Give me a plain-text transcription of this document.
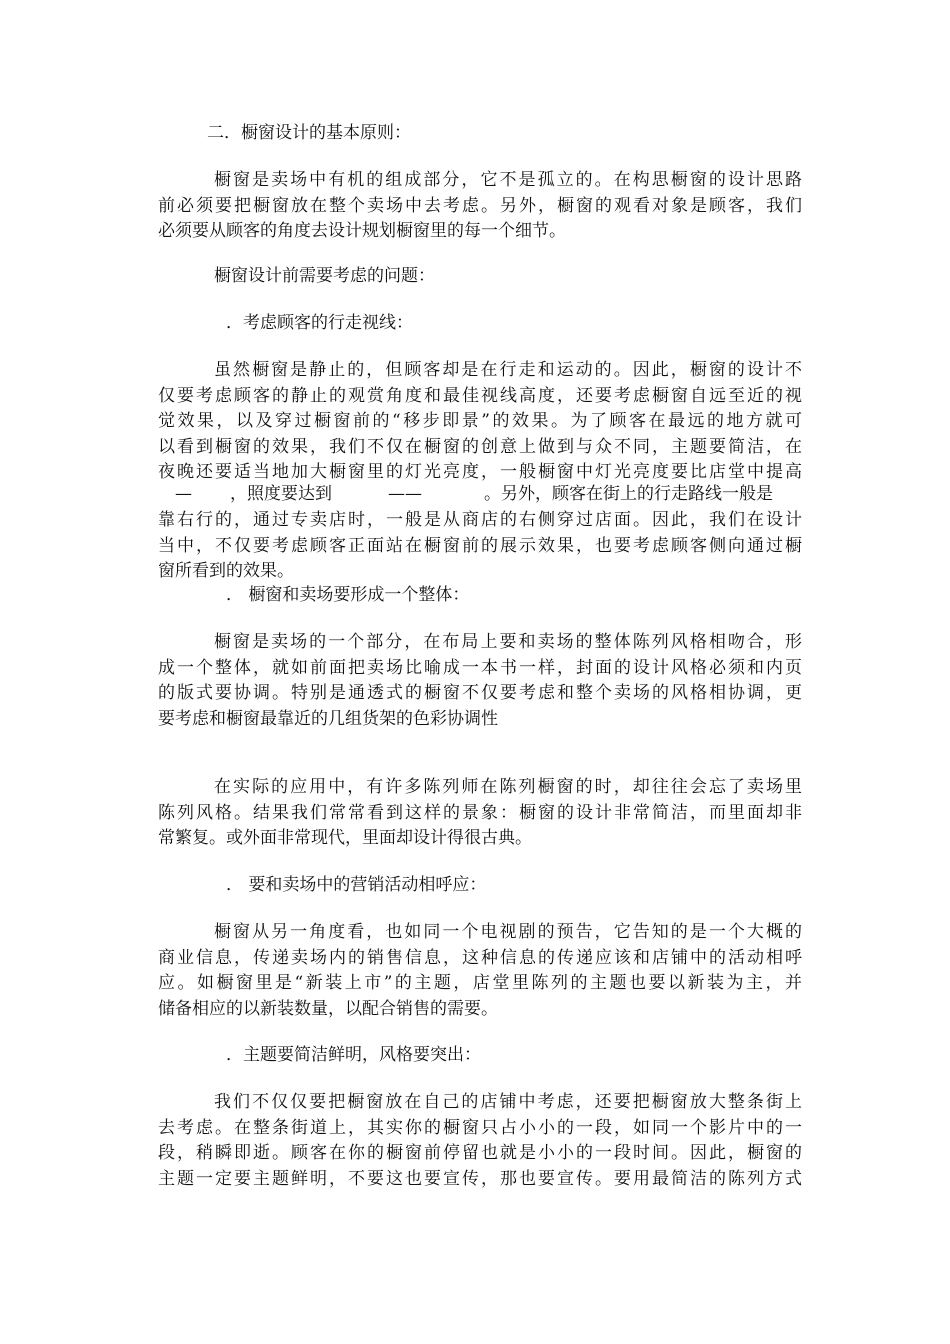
二．橱窗设计的基本原则：
橱窗是卖场中有机的组成部分，它不是孤立的。在构思橱窗的设计思路
前必须要把橱窗放在整个卖场中去考虑。另外，橱窗的观看对象是顾客，我们
必须要从顾客的角度去设计规划橱窗里的每一个细节。
橱窗设计前需要考虑的问题：
．考虑顾客的行走视线：
虽然橱窗是静止的，但顾客却是在行走和运动的。因此，橱窗的设计不
仅要考虑顾客的静止的观赏角度和最佳视线高度，还要考虑橱窗自远至近的视
觉效果，以及穿过橱窗前的“移步即景”的效果。为了顾客在最远的地方就可
以看到橱窗的效果，我们不仅在橱窗的创意上做到与众不同，主题要简洁，在
夜晚还要适当地加大橱窗里的灯光亮度，一般橱窗中灯光亮度要比店堂中提高
— ，照度要达到	——	。另外，顾客在街上的行走路线一般是
靠右行的，通过专卖店时，一般是从商店的右侧穿过店面。因此，我们在设计
当中，不仅要考虑顾客正面站在橱窗前的展示效果，也要考虑顾客侧向通过橱
窗所看到的效果。
． 橱窗和卖场要形成一个整体：
橱窗是卖场的一个部分，在布局上要和卖场的整体陈列风格相吻合，形
成一个整体，就如前面把卖场比喻成一本书一样，封面的设计风格必须和内页
的版式要协调。特别是通透式的橱窗不仅要考虑和整个卖场的风格相协调，更
要考虑和橱窗最靠近的几组货架的色彩协调性
在实际的应用中，有许多陈列师在陈列橱窗的时，却往往会忘了卖场里
陈列风格。结果我们常常看到这样的景象：橱窗的设计非常简洁，而里面却非
常繁复。或外面非常现代，里面却设计得很古典。
． 要和卖场中的营销活动相呼应：
橱窗从另一角度看，也如同一个电视剧的预告，它告知的是一个大概的
商业信息，传递卖场内的销售信息，这种信息的传递应该和店铺中的活动相呼
应。如橱窗里是“新装上市”的主题，店堂里陈列的主题也要以新装为主，并
储备相应的以新装数量，以配合销售的需要。
．主题要简洁鲜明，风格要突出：
我们不仅仅要把橱窗放在自己的店铺中考虑，还要把橱窗放大整条街上
去考虑。在整条街道上，其实你的橱窗只占小小的一段，如同一个影片中的一
段，稍瞬即逝。顾客在你的橱窗前停留也就是小小的一段时间。因此，橱窗的
主题一定要主题鲜明，不要这也要宣传，那也要宣传。要用最简洁的陈列方式
